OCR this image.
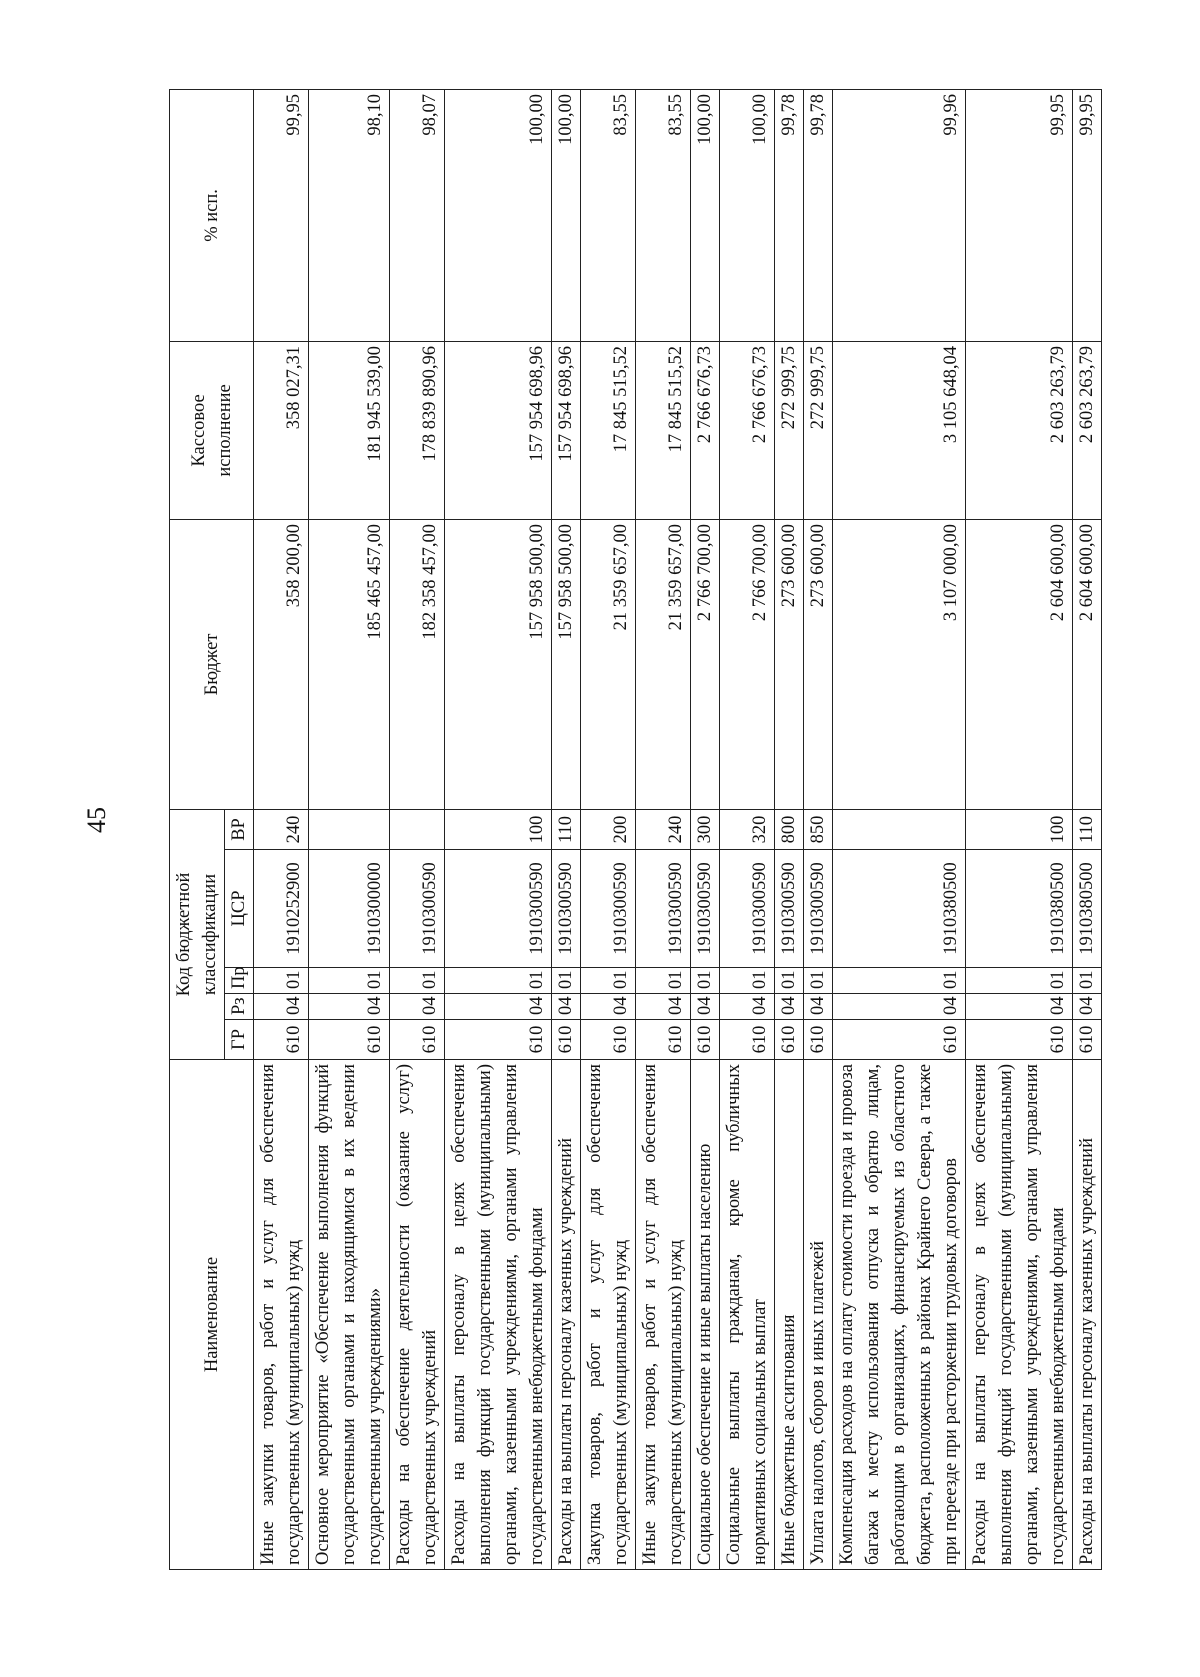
45
Наименование	Код бюджетной классификации					Бюджет	Кассовое исполнение	% исп.
	ГР	Рз	Пр	ЦСР	ВР			
Иные закупки товаров, работ и услуг для обеспечения государственных (муниципальных) нужд	610	04	01	1910252900	240	358 200,00	358 027,31	99,95
Основное мероприятие «Обеспечение выполнения функций государственными органами и находящимися в их ведении государственными учреждениями»	610	04	01	1910300000		185 465 457,00	181 945 539,00	98,10
Расходы на обеспечение деятельности (оказание услуг) государственных учреждений	610	04	01	1910300590		182 358 457,00	178 839 890,96	98,07
Расходы на выплаты персоналу в целях обеспечения выполнения функций государственными (муниципальными) органами, казенными учреждениями, органами управления государственными внебюджетными фондами	610	04	01	1910300590	100	157 958 500,00	157 954 698,96	100,00
Расходы на выплаты персоналу казенных учреждений	610	04	01	1910300590	110	157 958 500,00	157 954 698,96	100,00
Закупка товаров, работ и услуг для обеспечения государственных (муниципальных) нужд	610	04	01	1910300590	200	21 359 657,00	17 845 515,52	83,55
Иные закупки товаров, работ и услуг для обеспечения государственных (муниципальных) нужд	610	04	01	1910300590	240	21 359 657,00	17 845 515,52	83,55
Социальное обеспечение и иные выплаты населению	610	04	01	1910300590	300	2 766 700,00	2 766 676,73	100,00
Социальные выплаты гражданам, кроме публичных нормативных социальных выплат	610	04	01	1910300590	320	2 766 700,00	2 766 676,73	100,00
Иные бюджетные ассигнования	610	04	01	1910300590	800	273 600,00	272 999,75	99,78
Уплата налогов, сборов и иных платежей	610	04	01	1910300590	850	273 600,00	272 999,75	99,78
Компенсация расходов на оплату стоимости проезда и провоза багажа к месту использования отпуска и обратно лицам, работающим в организациях, финансируемых из областного бюджета, расположенных в районах Крайнего Севера, а также при переезде при расторжении трудовых договоров	610	04	01	1910380500		3 107 000,00	3 105 648,04	99,96
Расходы на выплаты персоналу в целях обеспечения выполнения функций государственными (муниципальными) органами, казенными учреждениями, органами управления государственными внебюджетными фондами	610	04	01	1910380500	100	2 604 600,00	2 603 263,79	99,95
Расходы на выплаты персоналу казенных учреждений	610	04	01	1910380500	110	2 604 600,00	2 603 263,79	99,95
